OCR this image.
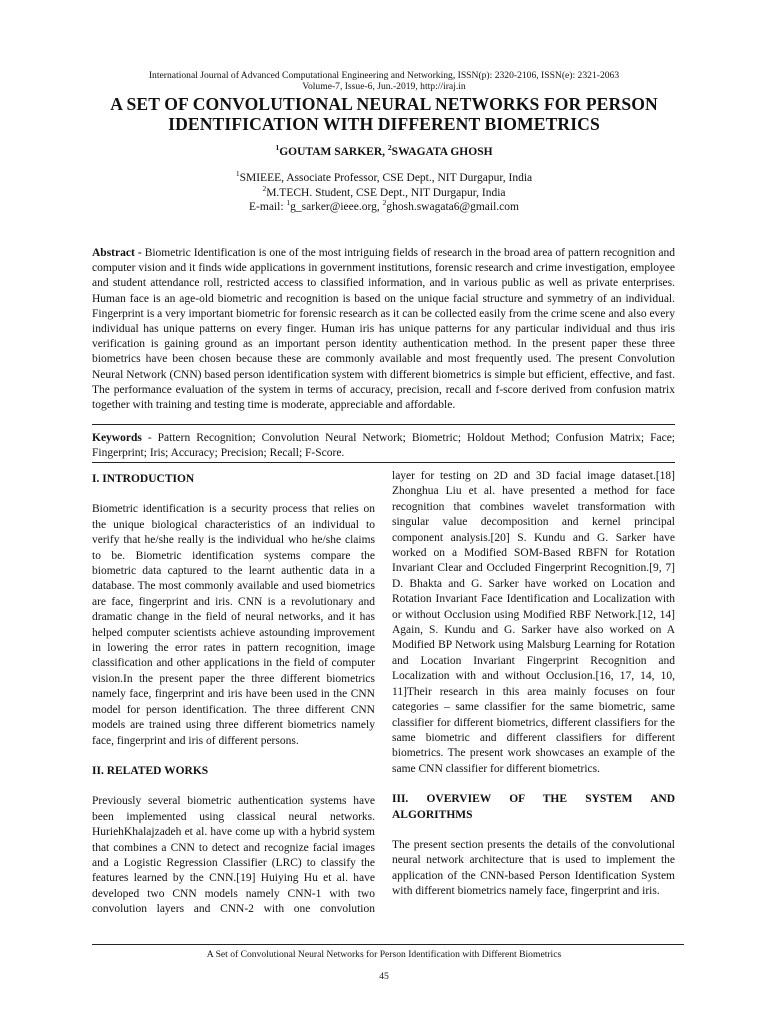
International Journal of Advanced Computational Engineering and Networking, ISSN(p): 2320-2106, ISSN(e): 2321-2063
Volume-7, Issue-6, Jun.-2019, http://iraj.in
A SET OF CONVOLUTIONAL NEURAL NETWORKS FOR PERSON
IDENTIFICATION WITH DIFFERENT BIOMETRICS
$^1$GOUTAM SARKER, $^2$SWAGATA GHOSH
$^1$SMIEEE, Associate Professor, CSE Dept., NIT Durgapur, India
$^2$M.TECH. Student, CSE Dept., NIT Durgapur, India
E-mail: $^1$g_sarker@ieee.org, $^2$ghosh.swagata6@gmail.com
Abstract - Biometric Identification is one of the most intriguing fields of research in the broad area of pattern recognition and computer vision and it finds wide applications in government institutions, forensic research and crime investigation, employee and student attendance roll, restricted access to classified information, and in various public as well as private enterprises. Human face is an age-old biometric and recognition is based on the unique facial structure and symmetry of an individual. Fingerprint is a very important biometric for forensic research as it can be collected easily from the crime scene and also every individual has unique patterns on every finger. Human iris has unique patterns for any particular individual and thus iris verification is gaining ground as an important person identity authentication method. In the present paper these three biometrics have been chosen because these are commonly available and most frequently used. The present Convolution Neural Network (CNN) based person identification system with different biometrics is simple but efficient, effective, and fast. The performance evaluation of the system in terms of accuracy, precision, recall and f-score derived from confusion matrix together with training and testing time is moderate, appreciable and affordable.
Keywords - Pattern Recognition; Convolution Neural Network; Biometric; Holdout Method; Confusion Matrix; Face; Fingerprint; Iris; Accuracy; Precision; Recall; F-Score.

I. INTRODUCTION

Biometric identification is a security process that relies on the unique biological characteristics of an individual to verify that he/she really is the individual who he/she claims to be. Biometric identification systems compare the biometric data captured to the learnt authentic data in a database. The most commonly available and used biometrics are face, fingerprint and iris. CNN is a revolutionary and dramatic change in the field of neural networks, and it has helped computer scientists achieve astounding improvement in lowering the error rates in pattern recognition, image classification and other applications in the field of computer vision.In the present paper the three different biometrics namely face, fingerprint and iris have been used in the CNN model for person identification. The three different CNN models are trained using three different biometrics namely face, fingerprint and iris of different persons.

II. RELATED WORKS

Previously several biometric authentication systems have been implemented using classical neural networks. HuriehKhalajzadeh et al. have come up with a hybrid system that combines a CNN to detect and recognize facial images and a Logistic Regression Classifier (LRC) to classify the features learned by the CNN.[19] Huiying Hu et al. have developed two CNN models namely CNN-1 with two convolution layers and CNN-2 with one convolution

layer for testing on 2D and 3D facial image dataset.[18] Zhonghua Liu et al. have presented a method for face recognition that combines wavelet transformation with singular value decomposition and kernel principal component analysis.[20] S. Kundu and G. Sarker have worked on a Modified SOM-Based RBFN for Rotation Invariant Clear and Occluded Fingerprint Recognition.[9, 7] D. Bhakta and G. Sarker have worked on Location and Rotation Invariant Face Identification and Localization with or without Occlusion using Modified RBF Network.[12, 14] Again, S. Kundu and G. Sarker have also worked on A Modified BP Network using Malsburg Learning for Rotation and Location Invariant Fingerprint Recognition and Localization with and without Occlusion.[16, 17, 14, 10, 11]Their research in this area mainly focuses on four categories – same classifier for the same biometric, same classifier for different biometrics, different classifiers for the same biometric and different classifiers for different biometrics. The present work showcases an example of the same CNN classifier for different biometrics.

III. OVERVIEW OF THE SYSTEM AND ALGORITHMS

The present section presents the details of the convolutional neural network architecture that is used to implement the application of the CNN-based Person Identification System with different biometrics namely face, fingerprint and iris.

A Set of Convolutional Neural Networks for Person Identification with Different Biometrics
45
